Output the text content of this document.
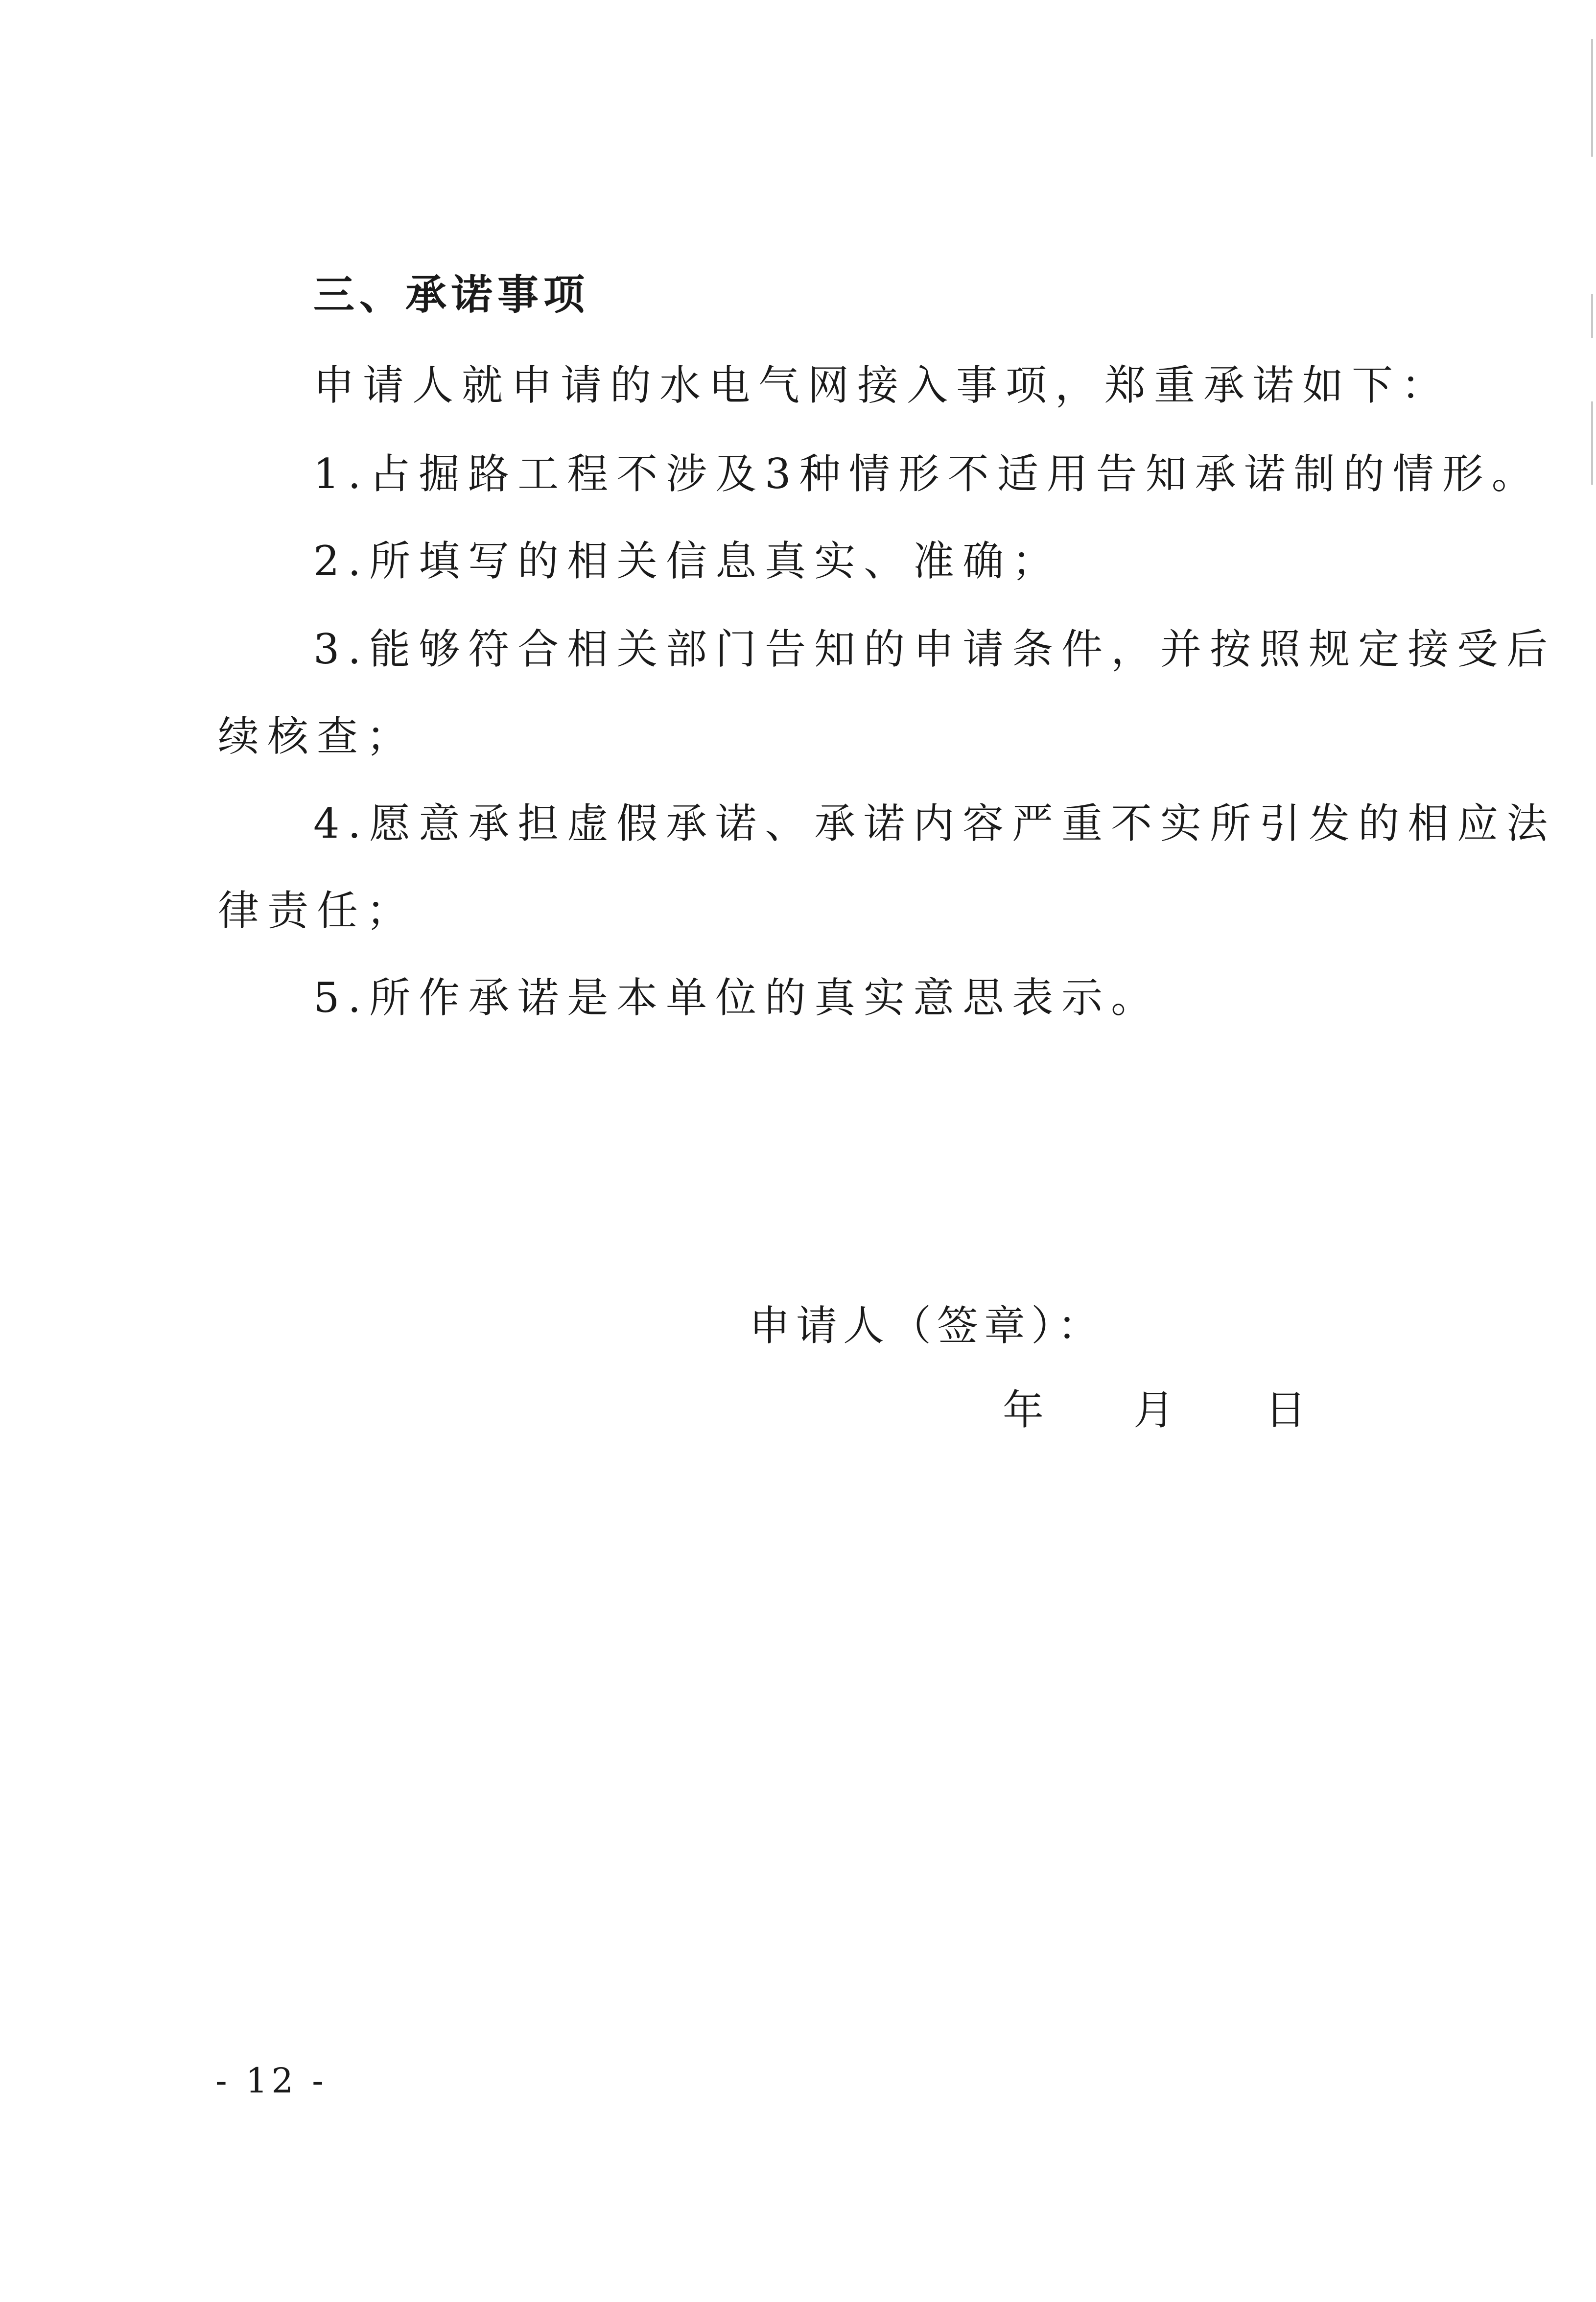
三、承诺事项
申请人就申请的水电气网接入事项，郑重承诺如下：
1.占掘路工程不涉及3种情形不适用告知承诺制的情形。
2.所填写的相关信息真实、准确；
3.能够符合相关部门告知的申请条件，并按照规定接受后
续核查；
4.愿意承担虚假承诺、承诺内容严重不实所引发的相应法
律责任；
5.所作承诺是本单位的真实意思表示。
申请人（签章）：
年 月 日
- 12 -
